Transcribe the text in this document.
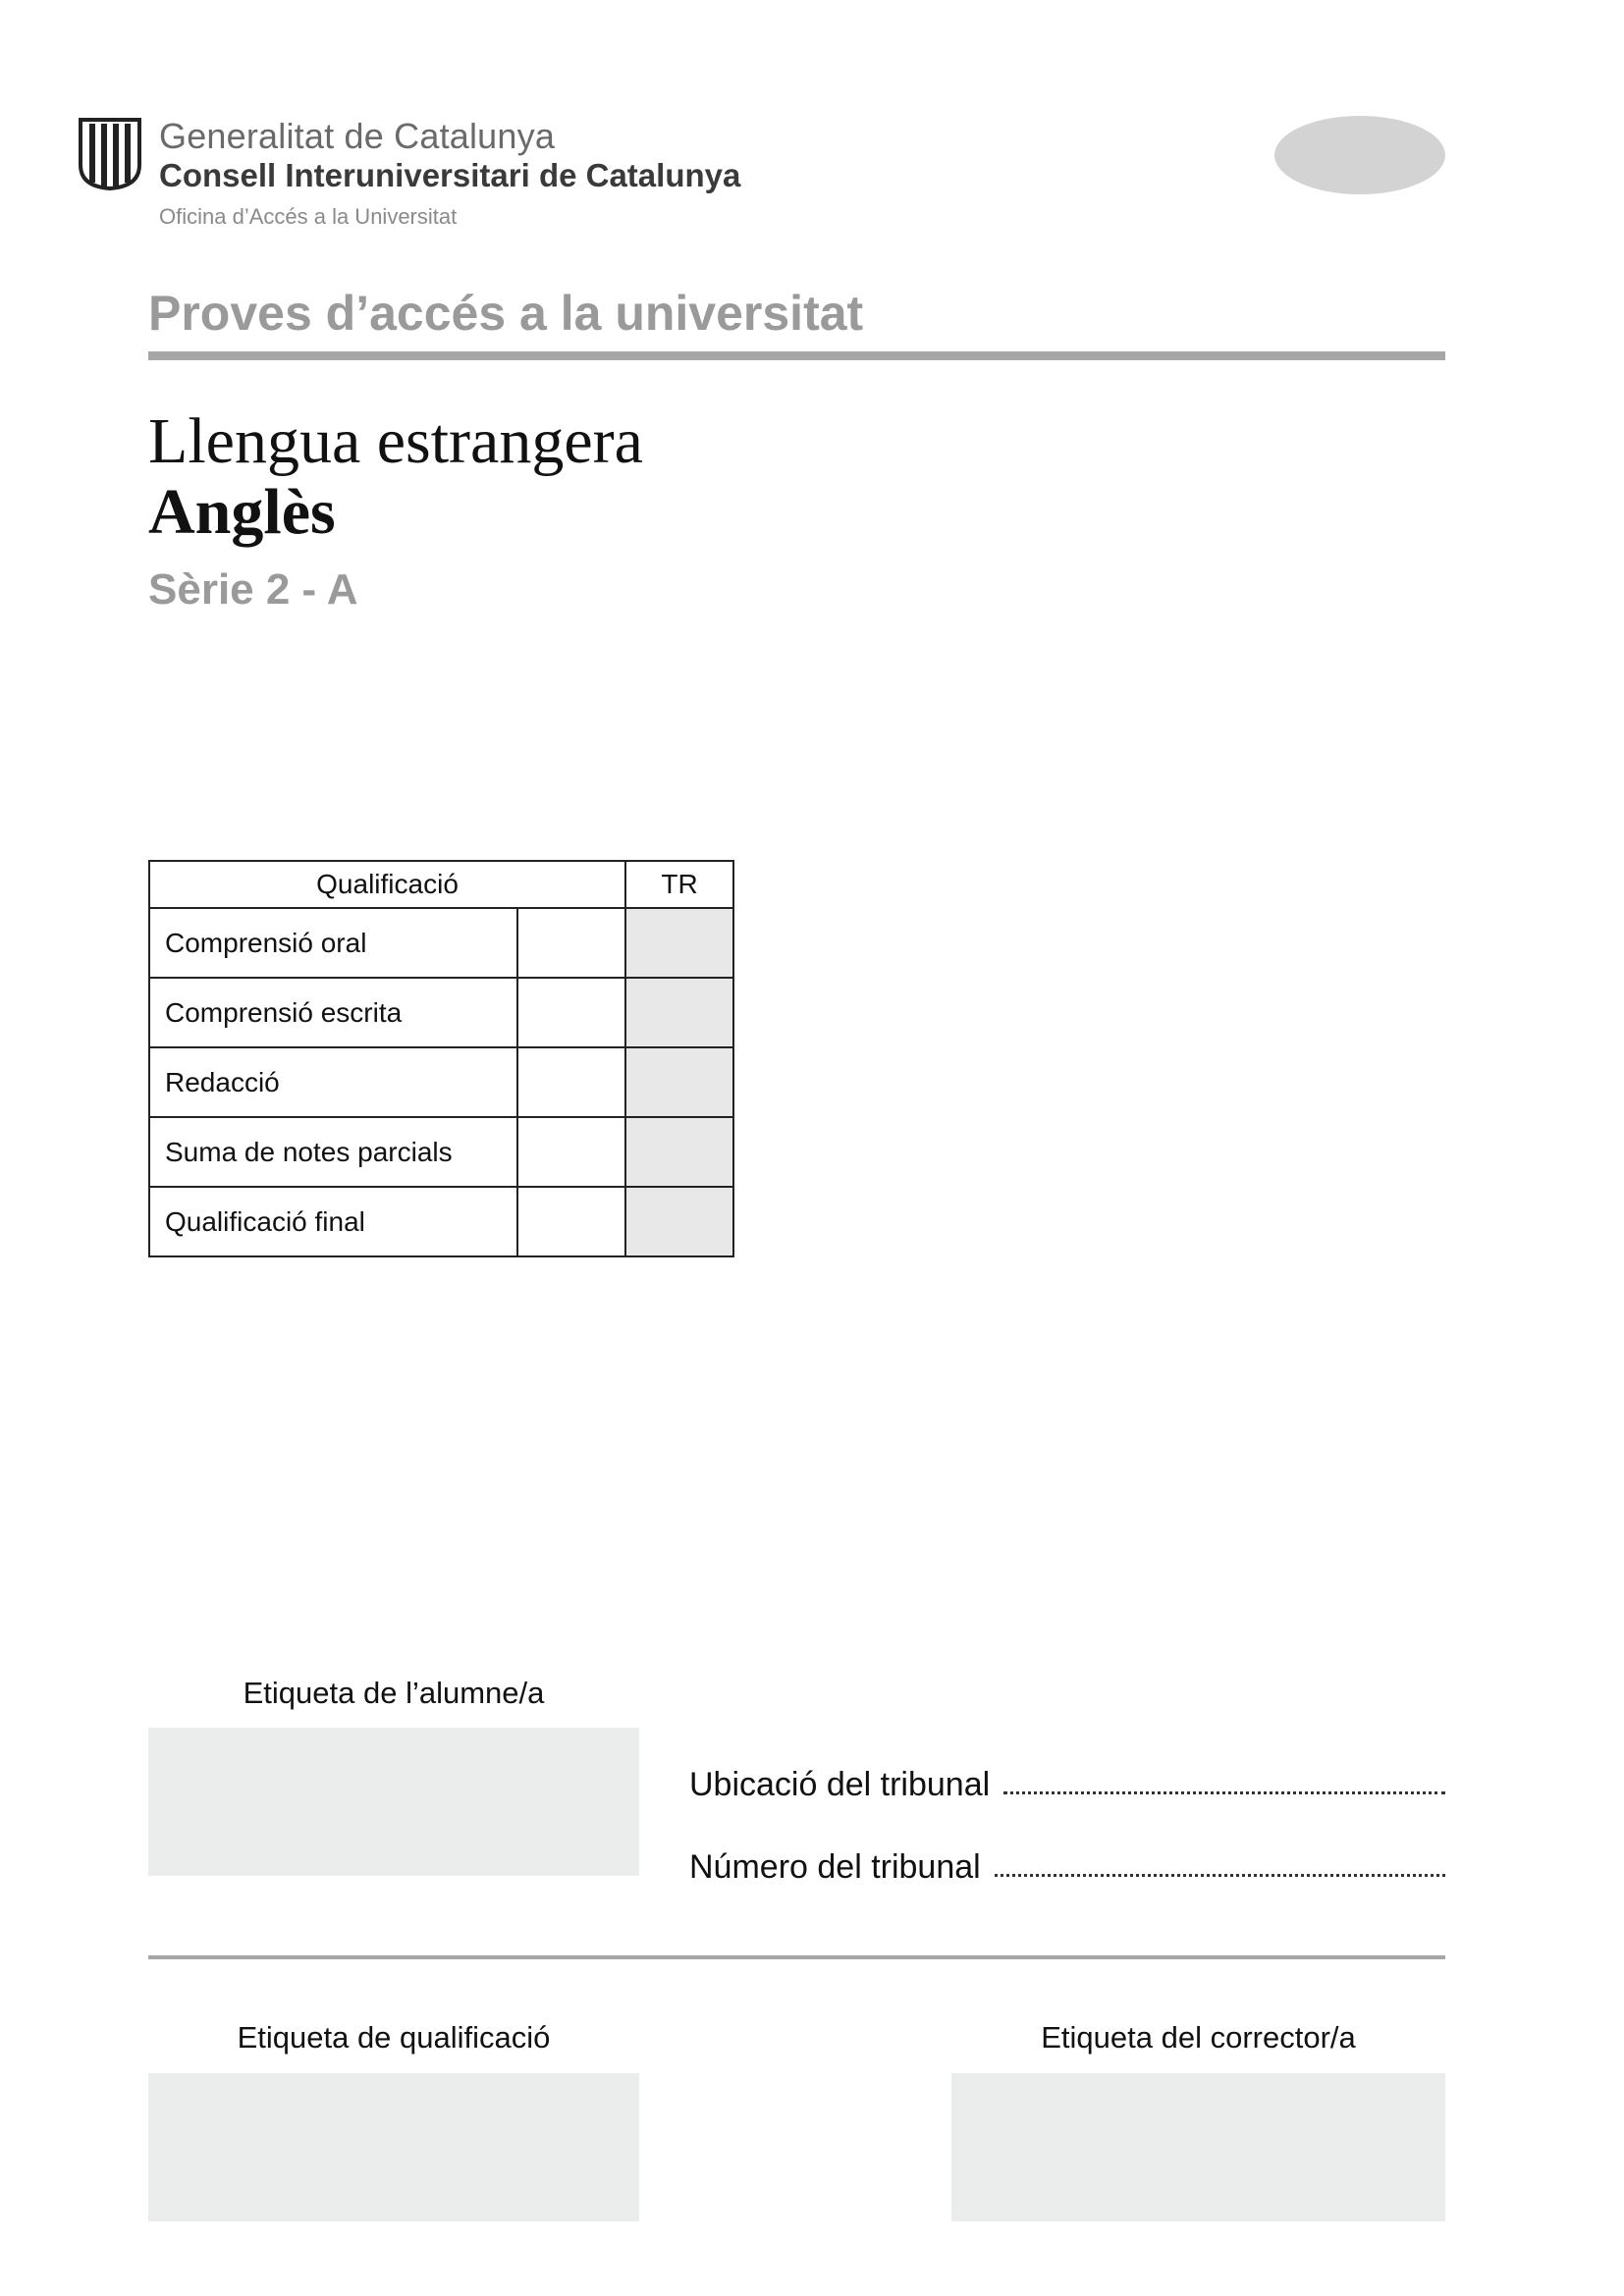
Generalitat de Catalunya
Consell Interuniversitari de Catalunya
Oficina d’Accés a la Universitat
Proves d’accés a la universitat
Llengua estrangera
Anglès
Sèrie 2 - A
Qualificació		TR
Comprensió oral		
Comprensió escrita		
Redacció		
Suma de notes parcials		
Qualificació final		
Etiqueta de l’alumne/a
Ubicació del tribunal
Número del tribunal
Etiqueta de qualificació	Etiqueta del corrector/a
